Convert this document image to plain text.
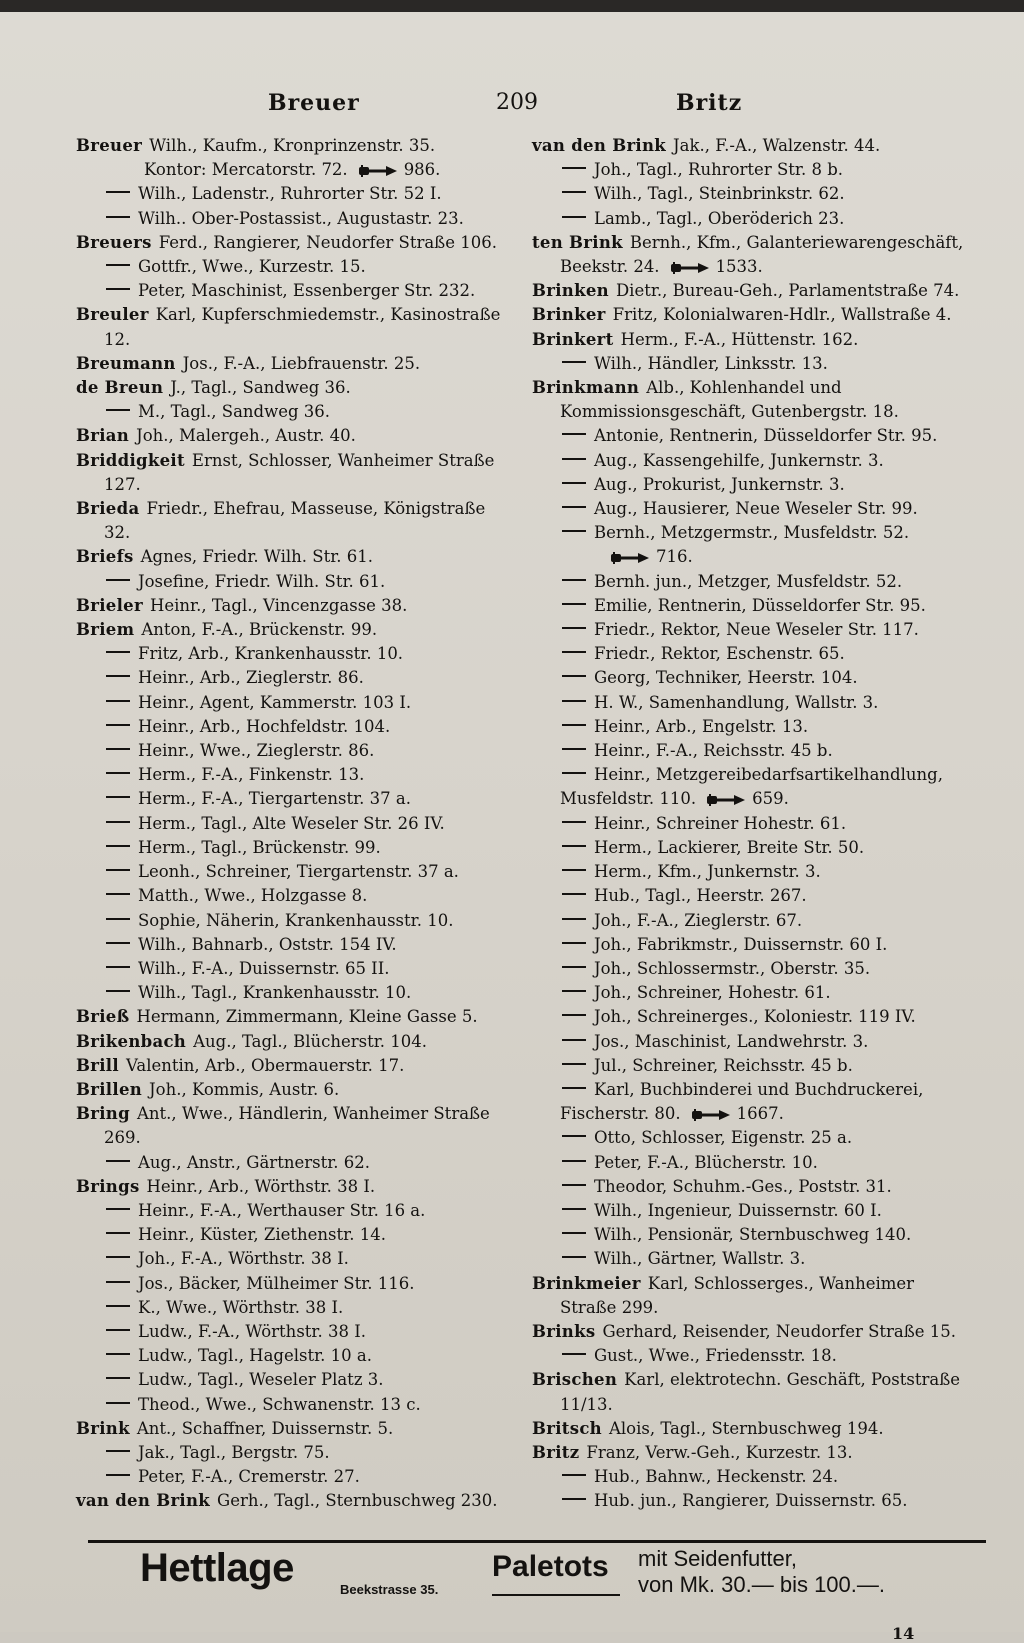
Breuer	209	Britz
Breuer Wilh., Kaufm., Kronprinzenstr. 35.
Kontor: Mercatorstr. 72.	986.
Wilh., Ladenstr., Ruhrorter Str. 52 I.
Wilh.. Ober-Postassist., Augustastr. 23.
Breuers Ferd., Rangierer, Neudorfer Straße 106.
Gottfr., Wwe., Kurzestr. 15.
Peter, Maschinist, Essenberger Str. 232.
Breuler Karl, Kupferschmiedemstr., Kasinostraße 12.
Breumann Jos., F.-A., Liebfrauenstr. 25.
de Breun J., Tagl., Sandweg 36.
M., Tagl., Sandweg 36.
Brian Joh., Malergeh., Austr. 40.
Briddigkeit Ernst, Schlosser, Wanheimer Straße 127.
Brieda Friedr., Ehefrau, Masseuse, Königstraße 32.
Briefs Agnes, Friedr. Wilh. Str. 61.
Josefine, Friedr. Wilh. Str. 61.
Brieler Heinr., Tagl., Vincenzgasse 38.
Briem Anton, F.-A., Brückenstr. 99.
Fritz, Arb., Krankenhausstr. 10.
Heinr., Arb., Zieglerstr. 86.
Heinr., Agent, Kammerstr. 103 I.
Heinr., Arb., Hochfeldstr. 104.
Heinr., Wwe., Zieglerstr. 86.
Herm., F.-A., Finkenstr. 13.
Herm., F.-A., Tiergartenstr. 37 a.
Herm., Tagl., Alte Weseler Str. 26 IV.
Herm., Tagl., Brückenstr. 99.
Leonh., Schreiner, Tiergartenstr. 37 a.
Matth., Wwe., Holzgasse 8.
Sophie, Näherin, Krankenhausstr. 10.
Wilh., Bahnarb., Oststr. 154 IV.
Wilh., F.-A., Duissernstr. 65 II.
Wilh., Tagl., Krankenhausstr. 10.
Brieß Hermann, Zimmermann, Kleine Gasse 5.
Brikenbach Aug., Tagl., Blücherstr. 104.
Brill Valentin, Arb., Obermauerstr. 17.
Brillen Joh., Kommis, Austr. 6.
Bring Ant., Wwe., Händlerin, Wanheimer Straße 269.
Aug., Anstr., Gärtnerstr. 62.
Brings Heinr., Arb., Wörthstr. 38 I.
Heinr., F.-A., Werthauser Str. 16 a.
Heinr., Küster, Ziethenstr. 14.
Joh., F.-A., Wörthstr. 38 I.
Jos., Bäcker, Mülheimer Str. 116.
K., Wwe., Wörthstr. 38 I.
Ludw., F.-A., Wörthstr. 38 I.
Ludw., Tagl., Hagelstr. 10 a.
Ludw., Tagl., Weseler Platz 3.
Theod., Wwe., Schwanenstr. 13 c.
Brink Ant., Schaffner, Duissernstr. 5.
Jak., Tagl., Bergstr. 75.
Peter, F.-A., Cremerstr. 27.
van den Brink Gerh., Tagl., Sternbuschweg 230.
van den Brink Jak., F.-A., Walzenstr. 44.
Joh., Tagl., Ruhrorter Str. 8 b.
Wilh., Tagl., Steinbrinkstr. 62.
Lamb., Tagl., Oberöderich 23.
ten Brink Bernh., Kfm., Galanteriewarengeschäft, Beekstr. 24.	1533.
Brinken Dietr., Bureau-Geh., Parlamentstraße 74.
Brinker Fritz, Kolonialwaren-Hdlr., Wallstraße 4.
Brinkert Herm., F.-A., Hüttenstr. 162.
Wilh., Händler, Linksstr. 13.
Brinkmann Alb., Kohlenhandel und Kommissionsgeschäft, Gutenbergstr. 18.
Antonie, Rentnerin, Düsseldorfer Str. 95.
Aug., Kassengehilfe, Junkernstr. 3.
Aug., Prokurist, Junkernstr. 3.
Aug., Hausierer, Neue Weseler Str. 99.
Bernh., Metzgermstr., Musfeldstr. 52.
716.
Bernh. jun., Metzger, Musfeldstr. 52.
Emilie, Rentnerin, Düsseldorfer Str. 95.
Friedr., Rektor, Neue Weseler Str. 117.
Friedr., Rektor, Eschenstr. 65.
Georg, Techniker, Heerstr. 104.
H. W., Samenhandlung, Wallstr. 3.
Heinr., Arb., Engelstr. 13.
Heinr., F.-A., Reichsstr. 45 b.
Heinr., Metzgereibedarfsartikelhandlung, Musfeldstr. 110.	659.
Heinr., Schreiner Hohestr. 61.
Herm., Lackierer, Breite Str. 50.
Herm., Kfm., Junkernstr. 3.
Hub., Tagl., Heerstr. 267.
Joh., F.-A., Zieglerstr. 67.
Joh., Fabrikmstr., Duissernstr. 60 I.
Joh., Schlossermstr., Oberstr. 35.
Joh., Schreiner, Hohestr. 61.
Joh., Schreinerges., Koloniestr. 119 IV.
Jos., Maschinist, Landwehrstr. 3.
Jul., Schreiner, Reichsstr. 45 b.
Karl, Buchbinderei und Buchdruckerei, Fischerstr. 80.	1667.
Otto, Schlosser, Eigenstr. 25 a.
Peter, F.-A., Blücherstr. 10.
Theodor, Schuhm.-Ges., Poststr. 31.
Wilh., Ingenieur, Duissernstr. 60 I.
Wilh., Pensionär, Sternbuschweg 140.
Wilh., Gärtner, Wallstr. 3.
Brinkmeier Karl, Schlosserges., Wanheimer Straße 299.
Brinks Gerhard, Reisender, Neudorfer Straße 15.
Gust., Wwe., Friedensstr. 18.
Brischen Karl, elektrotechn. Geschäft, Poststraße 11/13.
Britsch Alois, Tagl., Sternbuschweg 194.
Britz Franz, Verw.-Geh., Kurzestr. 13.
Hub., Bahnw., Heckenstr. 24.
Hub. jun., Rangierer, Duissernstr. 65.
Hettlage	Beekstrasse 35.
Paletots mit Seidenfutter,
von Mk. 30.— bis 100.—.
14
